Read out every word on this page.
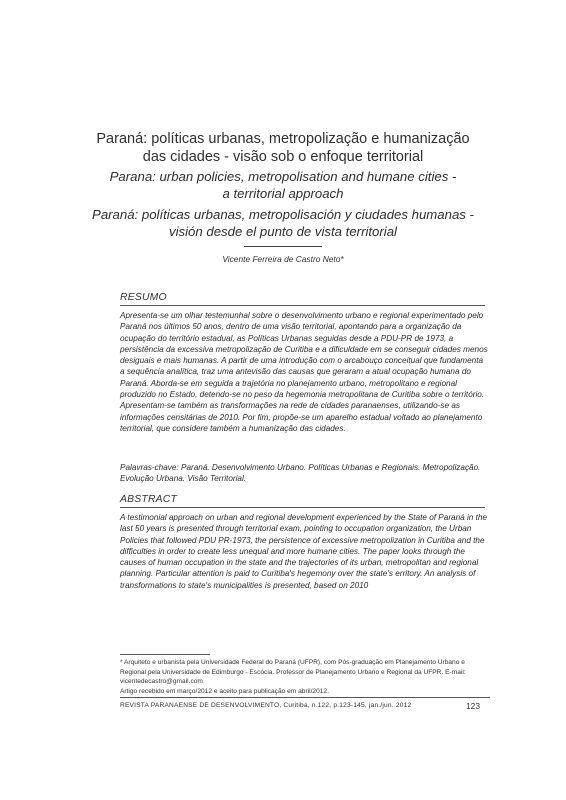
Paraná: políticas urbanas, metropolização e humanização
das cidades - visão sob o enfoque territorial
Parana: urban policies, metropolisation and humane cities -
a territorial approach
Paraná: políticas urbanas, metropolisación y ciudades humanas -
visión desde el punto de vista territorial
Vicente Ferreira de Castro Neto*
RESUMO

Apresenta-se um olhar testemunhal sobre o desenvolvimento urbano e regional experimentado pelo Paraná nos últimos 50 anos, dentro de uma visão territorial, apontando para a organização da ocupação do território estadual, as Políticas Urbanas seguidas desde a PDU-PR de 1973, a persistência da excessiva metropolização de Curitiba e a dificuldade em se conseguir cidades menos desiguais e mais humanas. A partir de uma introdução com o arcabouço conceitual que fundamenta a sequência analítica, traz uma antevisão das causas que geraram a atual ocupação humana do Paraná. Aborda-se em seguida a trajetória no planejamento urbano, metropolitano e regional produzido no Estado, detendo-se no peso da hegemonia metropolitana de Curitiba sobre o território. Apresentam-se também as transformações na rede de cidades paranaenses, utilizando-se as informações censitárias de 2010. Por fim, propõe-se um aparelho estadual voltado ao planejamento territorial, que considere também a humanização das cidades.

Palavras-chave: Paraná. Desenvolvimento Urbano. Políticas Urbanas e Regionais. Metropolização. Evolução Urbana. Visão Territorial.
ABSTRACT

A testimonial approach on urban and regional development experienced by the State of Paraná in the last 50 years is presented through territorial exam, pointing to occupation organization, the Urban Policies that followed PDU PR-1973, the persistence of excessive metropolization in Curitiba and the difficulties in order to create less unequal and more humane cities. The paper looks through the causes of human occupation in the state and the trajectories of its urban, metropolitan and regional planning. Particular attention is paid to Curitiba's hegemony over the state's erritory. An analysis of transformations to state's municipalities is presented, based on 2010

* Arquiteto e urbanista pela Universidade Federal do Paraná (UFPR), com Pós-graduação em Planejamento Urbano e Regional pela Universidade de Edimburgo - Escócia. Professor de Planejamento Urbano e Regional da UFPR. E-mail: vicentedecastro@gmail.com

Artigo recebido em março/2012 e aceito para publicação em abril/2012.

REVISTA PARANAENSE DE DESENVOLVIMENTO, Curitiba, n.122, p.123-145, jan./jun. 2012	123
